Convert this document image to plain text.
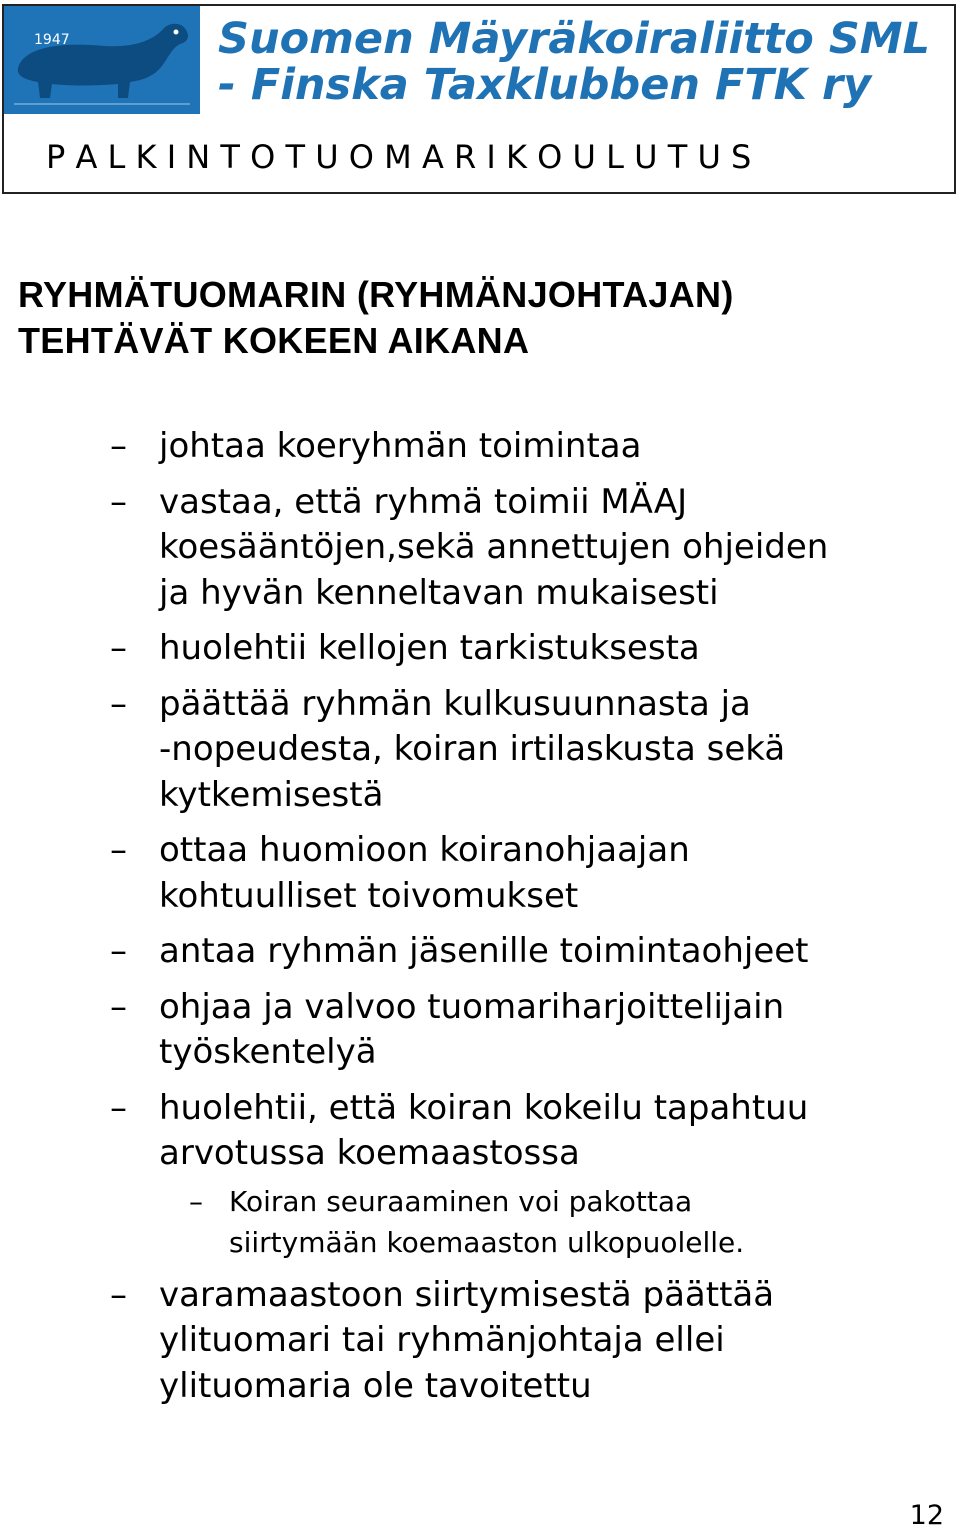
1947	Suomen Mäyräkoiraliitto SML
- Finska Taxklubben FTK ry
P A L K I N T O T U O M A R I K O U L U T U S
RYHMÄTUOMARIN (RYHMÄNJOHTAJAN)
TEHTÄVÄT KOKEEN AIKANA
– johtaa koeryhmän toimintaa
– vastaa, että ryhmä toimii MÄAJ
koesääntöjen,sekä annettujen ohjeiden
ja hyvän kenneltavan mukaisesti
– huolehtii kellojen tarkistuksesta
– päättää ryhmän kulkusuunnasta ja
-nopeudesta, koiran irtilaskusta sekä
kytkemisestä
– ottaa huomioon koiranohjaajan
kohtuulliset toivomukset
– antaa ryhmän jäsenille toimintaohjeet
– ohjaa ja valvoo tuomariharjoittelijain
työskentelyä
– huolehtii, että koiran kokeilu tapahtuu
arvotussa koemaastossa
– Koiran seuraaminen voi pakottaa
siirtymään koemaaston ulkopuolelle.
– varamaastoon siirtymisestä päättää
ylituomari tai ryhmänjohtaja ellei
ylituomaria ole tavoitettu
12
